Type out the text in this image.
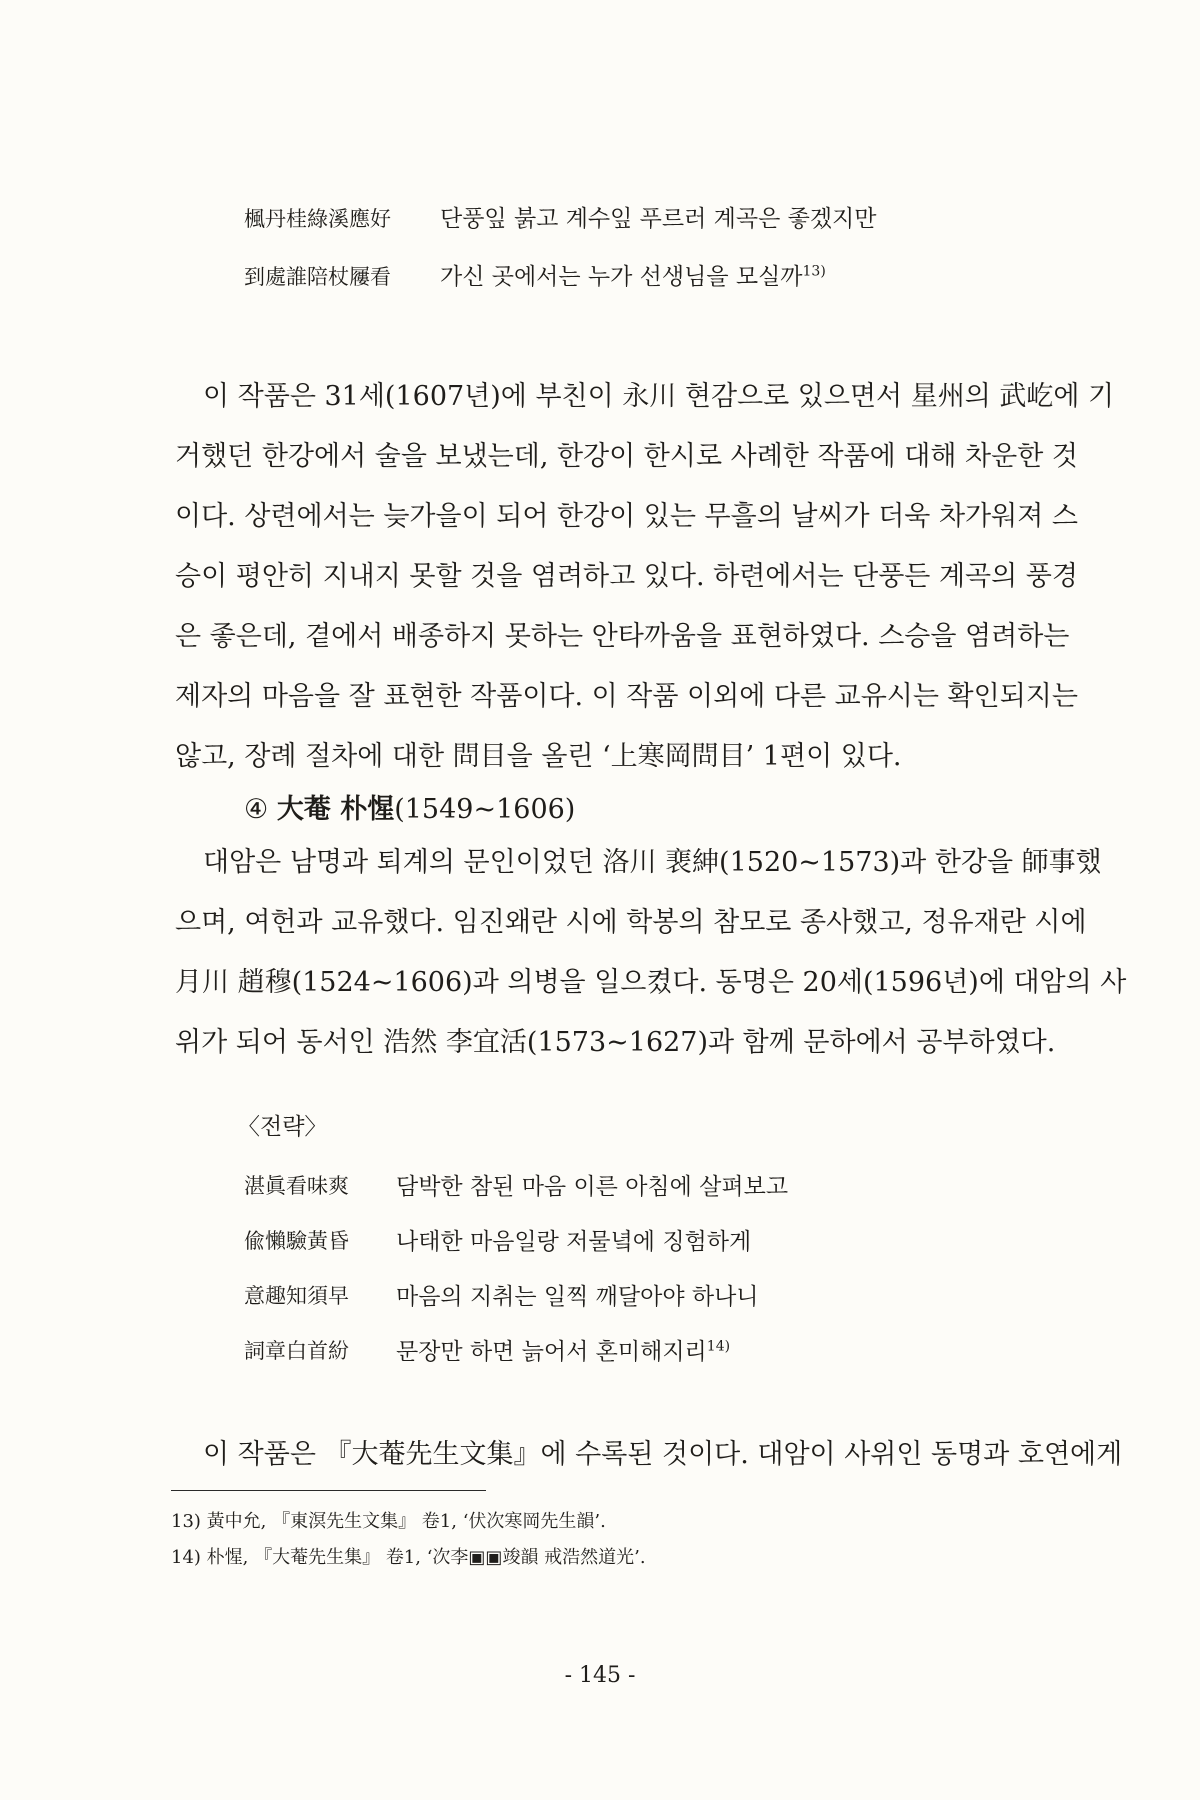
楓丹桂綠溪應好 단풍잎 붉고 계수잎 푸르러 계곡은 좋겠지만
到處誰陪杖屨看 가신 곳에서는 누가 선생님을 모실까$^{13)}$
이 작품은 31세(1607년)에 부친이 永川 현감으로 있으면서 星州의 武屹에 기
거했던 한강에서 술을 보냈는데, 한강이 한시로 사례한 작품에 대해 차운한 것
이다. 상련에서는 늦가을이 되어 한강이 있는 무흘의 날씨가 더욱 차가워져 스
승이 평안히 지내지 못할 것을 염려하고 있다. 하련에서는 단풍든 계곡의 풍경
은 좋은데, 곁에서 배종하지 못하는 안타까움을 표현하였다. 스승을 염려하는
제자의 마음을 잘 표현한 작품이다. 이 작품 이외에 다른 교유시는 확인되지는
않고, 장례 절차에 대한 問目을 올린 ‘上寒岡問目’ 1편이 있다.
④ 大菴 朴惺(1549~1606)
대암은 남명과 퇴계의 문인이었던 洛川 裵紳(1520~1573)과 한강을 師事했
으며, 여헌과 교유했다. 임진왜란 시에 학봉의 참모로 종사했고, 정유재란 시에
月川 趙穆(1524~1606)과 의병을 일으켰다. 동명은 20세(1596년)에 대암의 사
위가 되어 동서인 浩然 李宜活(1573~1627)과 함께 문하에서 공부하였다.
〈전략〉
湛眞看味爽 담박한 참된 마음 이른 아침에 살펴보고
偸懶驗黃昏 나태한 마음일랑 저물녘에 징험하게
意趣知須早 마음의 지취는 일찍 깨달아야 하나니
詞章白首紛 문장만 하면 늙어서 혼미해지리$^{14)}$
이 작품은 『大菴先生文集』에 수록된 것이다. 대암이 사위인 동명과 호연에게
13) 黃中允, 『東溟先生文集』 卷1, ‘伏次寒岡先生韻’.
14) 朴惺, 『大菴先生集』 卷1, ‘次李▣▣竣韻 戒浩然道光’.
- 145 -
